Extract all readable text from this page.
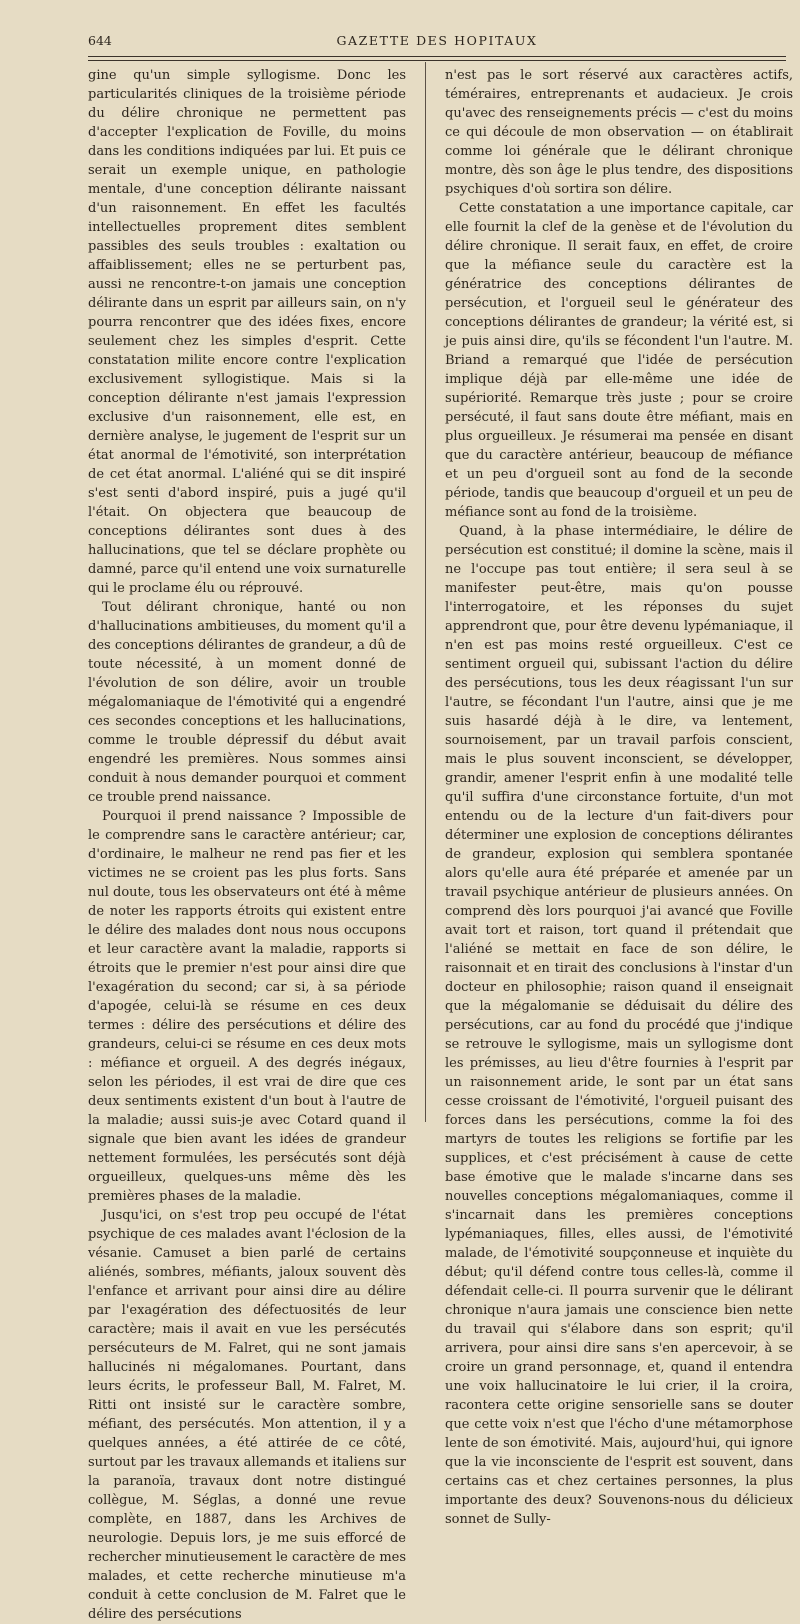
644	GAZETTE DES HOPITAUX

gine qu'un simple syllogisme. Donc les particularités cliniques de la troisième période du délire chronique ne permettent pas d'accepter l'explication de Foville, du moins dans les conditions indiquées par lui. Et puis ce serait un exemple unique, en pathologie mentale, d'une conception délirante naissant d'un raisonnement. En effet les facultés intellectuelles proprement dites semblent passibles des seuls troubles : exaltation ou affaiblissement; elles ne se perturbent pas, aussi ne rencontre-t-on jamais une conception délirante dans un esprit par ailleurs sain, on n'y pourra rencontrer que des idées fixes, encore seulement chez les simples d'esprit. Cette constatation milite encore contre l'explication exclusivement syllogistique. Mais si la conception délirante n'est jamais l'expression exclusive d'un raisonnement, elle est, en dernière analyse, le jugement de l'esprit sur un état anormal de l'émotivité, son interprétation de cet état anormal. L'aliéné qui se dit inspiré s'est senti d'abord inspiré, puis a jugé qu'il l'était. On objectera que beaucoup de conceptions délirantes sont dues à des hallucinations, que tel se déclare prophète ou damné, parce qu'il entend une voix surnaturelle qui le proclame élu ou réprouvé.

Tout délirant chronique, hanté ou non d'hallucinations ambitieuses, du moment qu'il a des conceptions délirantes de grandeur, a dû de toute nécessité, à un moment donné de l'évolution de son délire, avoir un trouble mégalomaniaque de l'émotivité qui a engendré ces secondes conceptions et les hallucinations, comme le trouble dépressif du début avait engendré les premières. Nous sommes ainsi conduit à nous demander pourquoi et comment ce trouble prend naissance.

Pourquoi il prend naissance ? Impossible de le comprendre sans le caractère antérieur; car, d'ordinaire, le malheur ne rend pas fier et les victimes ne se croient pas les plus forts. Sans nul doute, tous les observateurs ont été à même de noter les rapports étroits qui existent entre le délire des malades dont nous nous occupons et leur caractère avant la maladie, rapports si étroits que le premier n'est pour ainsi dire que l'exagération du second; car si, à sa période d'apogée, celui-là se résume en ces deux termes : délire des persécutions et délire des grandeurs, celui-ci se résume en ces deux mots : méfiance et orgueil. A des degrés inégaux, selon les périodes, il est vrai de dire que ces deux sentiments existent d'un bout à l'autre de la maladie; aussi suis-je avec Cotard quand il signale que bien avant les idées de grandeur nettement formulées, les persécutés sont déjà orgueilleux, quelques-uns même dès les premières phases de la maladie.

Jusqu'ici, on s'est trop peu occupé de l'état psychique de ces malades avant l'éclosion de la vésanie. Camuset a bien parlé de certains aliénés, sombres, méfiants, jaloux souvent dès l'enfance et arrivant pour ainsi dire au délire par l'exagération des défectuosités de leur caractère; mais il avait en vue les persécutés persécuteurs de M. Falret, qui ne sont jamais hallucinés ni mégalomanes. Pourtant, dans leurs écrits, le professeur Ball, M. Falret, M. Ritti ont insisté sur le caractère sombre, méfiant, des persécutés. Mon attention, il y a quelques années, a été attirée de ce côté, surtout par les travaux allemands et italiens sur la paranoïa, travaux dont notre distingué collègue, M. Séglas, a donné une revue complète, en 1887, dans les Archives de neurologie. Depuis lors, je me suis efforcé de rechercher minutieusement le caractère de mes malades, et cette recherche minutieuse m'a conduit à cette conclusion de M. Falret que le délire des persécutions

n'est pas le sort réservé aux caractères actifs, téméraires, entreprenants et audacieux. Je crois qu'avec des renseignements précis — c'est du moins ce qui découle de mon observation — on établirait comme loi générale que le délirant chronique montre, dès son âge le plus tendre, des dispositions psychiques d'où sortira son délire.

Cette constatation a une importance capitale, car elle fournit la clef de la genèse et de l'évolution du délire chronique. Il serait faux, en effet, de croire que la méfiance seule du caractère est la génératrice des conceptions délirantes de persécution, et l'orgueil seul le générateur des conceptions délirantes de grandeur; la vérité est, si je puis ainsi dire, qu'ils se fécondent l'un l'autre. M. Briand a remarqué que l'idée de persécution implique déjà par elle-même une idée de supériorité. Remarque très juste ; pour se croire persécuté, il faut sans doute être méfiant, mais en plus orgueilleux. Je résumerai ma pensée en disant que du caractère antérieur, beaucoup de méfiance et un peu d'orgueil sont au fond de la seconde période, tandis que beaucoup d'orgueil et un peu de méfiance sont au fond de la troisième.

Quand, à la phase intermédiaire, le délire de persécution est constitué; il domine la scène, mais il ne l'occupe pas tout entière; il sera seul à se manifester peut-être, mais qu'on pousse l'interrogatoire, et les réponses du sujet apprendront que, pour être devenu lypémaniaque, il n'en est pas moins resté orgueilleux. C'est ce sentiment orgueil qui, subissant l'action du délire des persécutions, tous les deux réagissant l'un sur l'autre, se fécondant l'un l'autre, ainsi que je me suis hasardé déjà à le dire, va lentement, sournoisement, par un travail parfois conscient, mais le plus souvent inconscient, se développer, grandir, amener l'esprit enfin à une modalité telle qu'il suffira d'une circonstance fortuite, d'un mot entendu ou de la lecture d'un fait-divers pour déterminer une explosion de conceptions délirantes de grandeur, explosion qui semblera spontanée alors qu'elle aura été préparée et amenée par un travail psychique antérieur de plusieurs années. On comprend dès lors pourquoi j'ai avancé que Foville avait tort et raison, tort quand il prétendait que l'aliéné se mettait en face de son délire, le raisonnait et en tirait des conclusions à l'instar d'un docteur en philosophie; raison quand il enseignait que la mégalomanie se déduisait du délire des persécutions, car au fond du procédé que j'indique se retrouve le syllogisme, mais un syllogisme dont les prémisses, au lieu d'être fournies à l'esprit par un raisonnement aride, le sont par un état sans cesse croissant de l'émotivité, l'orgueil puisant des forces dans les persécutions, comme la foi des martyrs de toutes les religions se fortifie par les supplices, et c'est précisément à cause de cette base émotive que le malade s'incarne dans ses nouvelles conceptions mégalomaniaques, comme il s'incarnait dans les premières conceptions lypémaniaques, filles, elles aussi, de l'émotivité malade, de l'émotivité soupçonneuse et inquiète du début; qu'il défend contre tous celles-là, comme il défendait celle-ci. Il pourra survenir que le délirant chronique n'aura jamais une conscience bien nette du travail qui s'élabore dans son esprit; qu'il arrivera, pour ainsi dire sans s'en apercevoir, à se croire un grand personnage, et, quand il entendra une voix hallucinatoire le lui crier, il la croira, racontera cette origine sensorielle sans se douter que cette voix n'est que l'écho d'une métamorphose lente de son émotivité. Mais, aujourd'hui, qui ignore que la vie inconsciente de l'esprit est souvent, dans certains cas et chez certaines personnes, la plus importante des deux? Souvenons-nous du délicieux sonnet de Sully-
